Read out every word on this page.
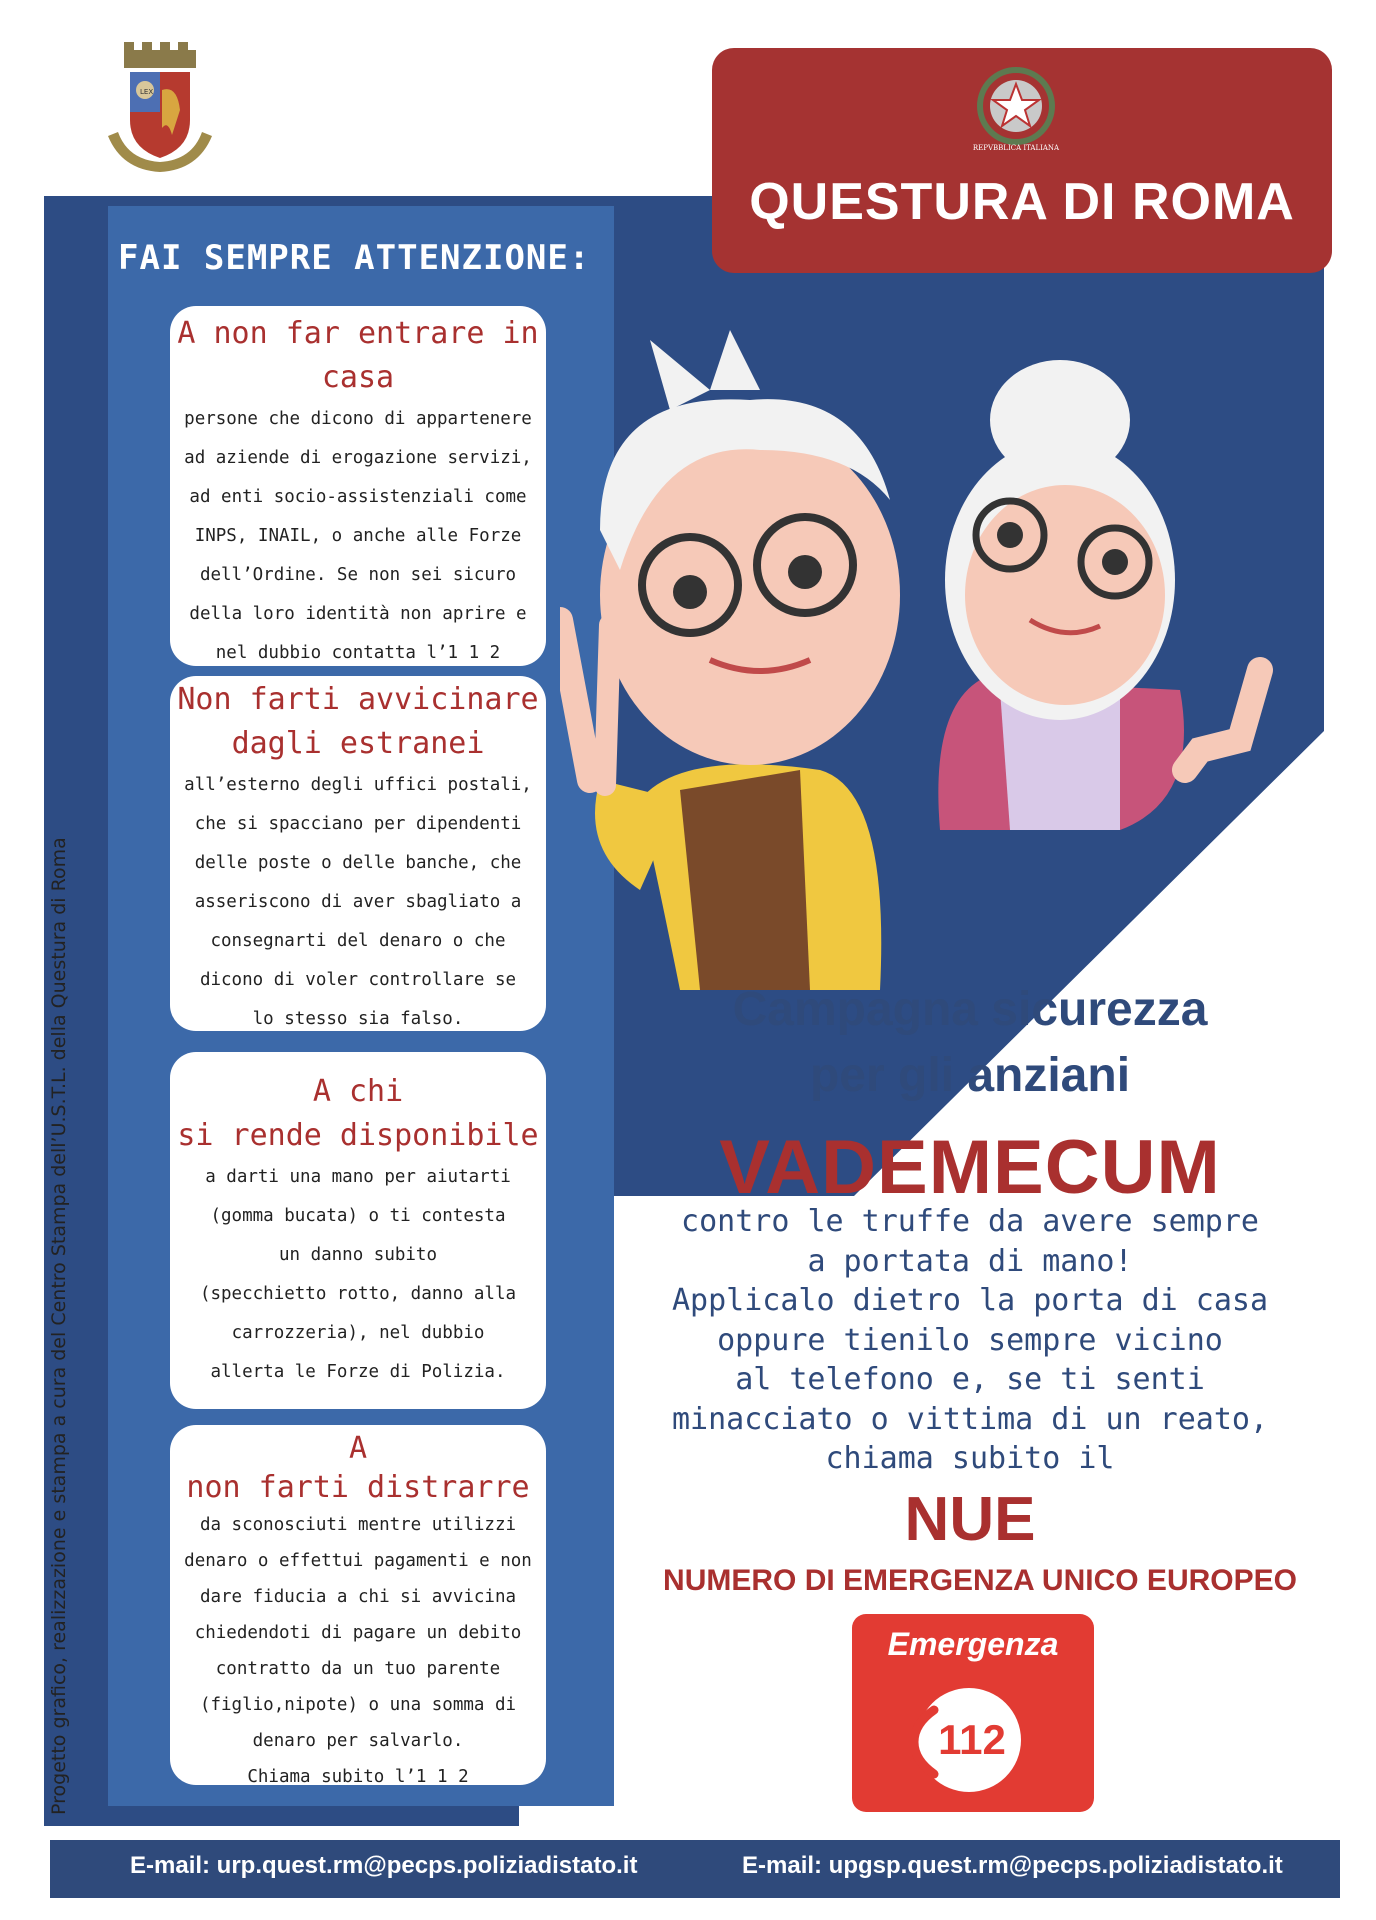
LEX
REPVBBLICA ITALIANA
QUESTURA DI ROMA
FAI SEMPRE ATTENZIONE:
A non far entrare in
casa
persone che dicono di appartenere
ad aziende di erogazione servizi,
ad enti socio-assistenziali come
INPS, INAIL, o anche alle Forze
dell’Ordine. Se non sei sicuro
della loro identità non aprire e
nel dubbio contatta l’1 1 2
Non farti avvicinare
dagli estranei
all’esterno degli uffici postali,
che si spacciano per dipendenti
delle poste o delle banche, che
asseriscono di aver sbagliato a
consegnarti del denaro o che
dicono di voler controllare se
lo stesso sia falso.
A chi
si rende disponibile
a darti una mano per aiutarti
(gomma bucata) o ti contesta
un danno subito
(specchietto rotto, danno alla
carrozzeria), nel dubbio
allerta le Forze di Polizia.
A
non farti distrarre
da sconosciuti mentre utilizzi
denaro o effettui pagamenti e non
dare fiducia a chi si avvicina
chiedendoti di pagare un debito
contratto da un tuo parente
(figlio,nipote) o una somma di
denaro per salvarlo.
Chiama subito l’1 1 2
Progetto grafico, realizzazione e stampa a cura del Centro Stampa dell’U.S.T.L. della Questura di Roma	Campagna sicurezza
per gli anziani
VADEMECUM
contro le truffe da avere sempre
a portata di mano!
Applicalo dietro la porta di casa
oppure tienilo sempre vicino
al telefono e, se ti senti
minacciato o vittima di un reato,
chiama subito il
NUE
NUMERO DI EMERGENZA UNICO EUROPEO
Emergenza
112
E-mail: urp.quest.rm@pecps.poliziadistato.it	E-mail: upgsp.quest.rm@pecps.poliziadistato.it
